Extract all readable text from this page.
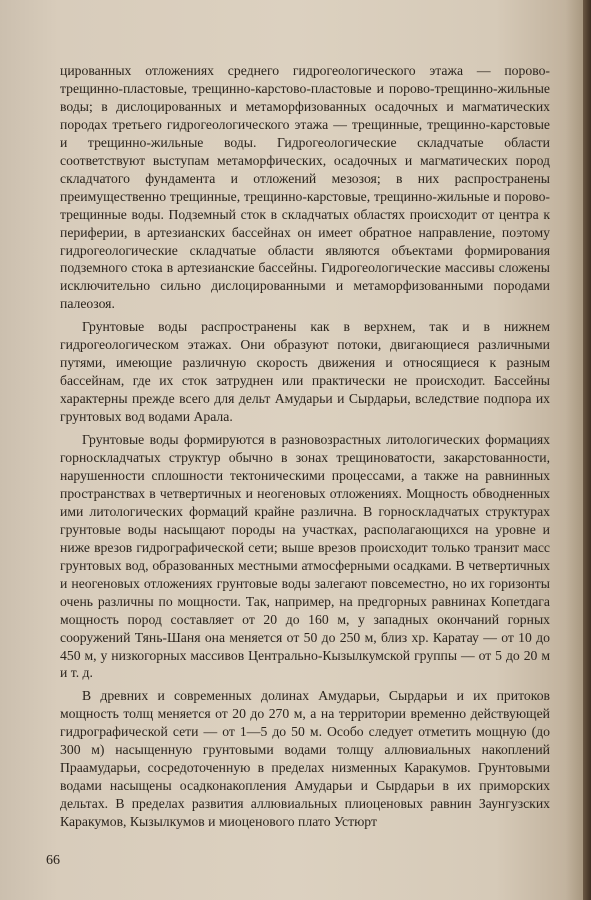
цированных отложениях среднего гидрогеологического этажа — порово-трещинно-пластовые, трещинно-карстово-пластовые и порово-трещинно-жильные воды; в дислоцированных и метаморфизованных осадочных и магматических породах третьего гидрогеологического этажа — трещинные, трещинно-карстовые и трещинно-жильные воды. Гидрогеологические складчатые области соответствуют выступам метаморфических, осадочных и магматических пород складчатого фундамента и отложений мезозоя; в них распространены преимущественно трещинные, трещинно-карстовые, трещинно-жильные и порово-трещинные воды. Подземный сток в складчатых областях происходит от центра к периферии, в артезианских бассейнах он имеет обратное направление, поэтому гидрогеологические складчатые области являются объектами формирования подземного стока в артезианские бассейны. Гидрогеологические массивы сложены исключительно сильно дислоцированными и метаморфизованными породами палеозоя.

Грунтовые воды распространены как в верхнем, так и в нижнем гидрогеологическом этажах. Они образуют потоки, двигающиеся различными путями, имеющие различную скорость движения и относящиеся к разным бассейнам, где их сток затруднен или практически не происходит. Бассейны характерны прежде всего для дельт Амударьи и Сырдарьи, вследствие подпора их грунтовых вод водами Арала.

Грунтовые воды формируются в разновозрастных литологических формациях горноскладчатых структур обычно в зонах трещиноватости, закарстованности, нарушенности сплошности тектоническими процессами, а также на равнинных пространствах в четвертичных и неогеновых отложениях. Мощность обводненных ими литологических формаций крайне различна. В горноскладчатых структурах грунтовые воды насыщают породы на участках, располагающихся на уровне и ниже врезов гидрографической сети; выше врезов происходит только транзит масс грунтовых вод, образованных местными атмосферными осадками. В четвертичных и неогеновых отложениях грунтовые воды залегают повсеместно, но их горизонты очень различны по мощности. Так, например, на предгорных равнинах Копетдага мощность пород составляет от 20 до 160 м, у западных окончаний горных сооружений Тянь-Шаня она меняется от 50 до 250 м, близ хр. Каратау — от 10 до 450 м, у низкогорных массивов Центрально-Кызылкумской группы — от 5 до 20 м и т. д.

В древних и современных долинах Амударьи, Сырдарьи и их притоков мощность толщ меняется от 20 до 270 м, а на территории временно действующей гидрографической сети — от 1—5 до 50 м. Особо следует отметить мощную (до 300 м) насыщенную грунтовыми водами толщу аллювиальных накоплений Праамударьи, сосредоточенную в пределах низменных Каракумов. Грунтовыми водами насыщены осадконакопления Амударьи и Сырдарьи в их приморских дельтах. В пределах развития аллювиальных плиоценовых равнин Заунгузских Каракумов, Кызылкумов и миоценового плато Устюрт

66
